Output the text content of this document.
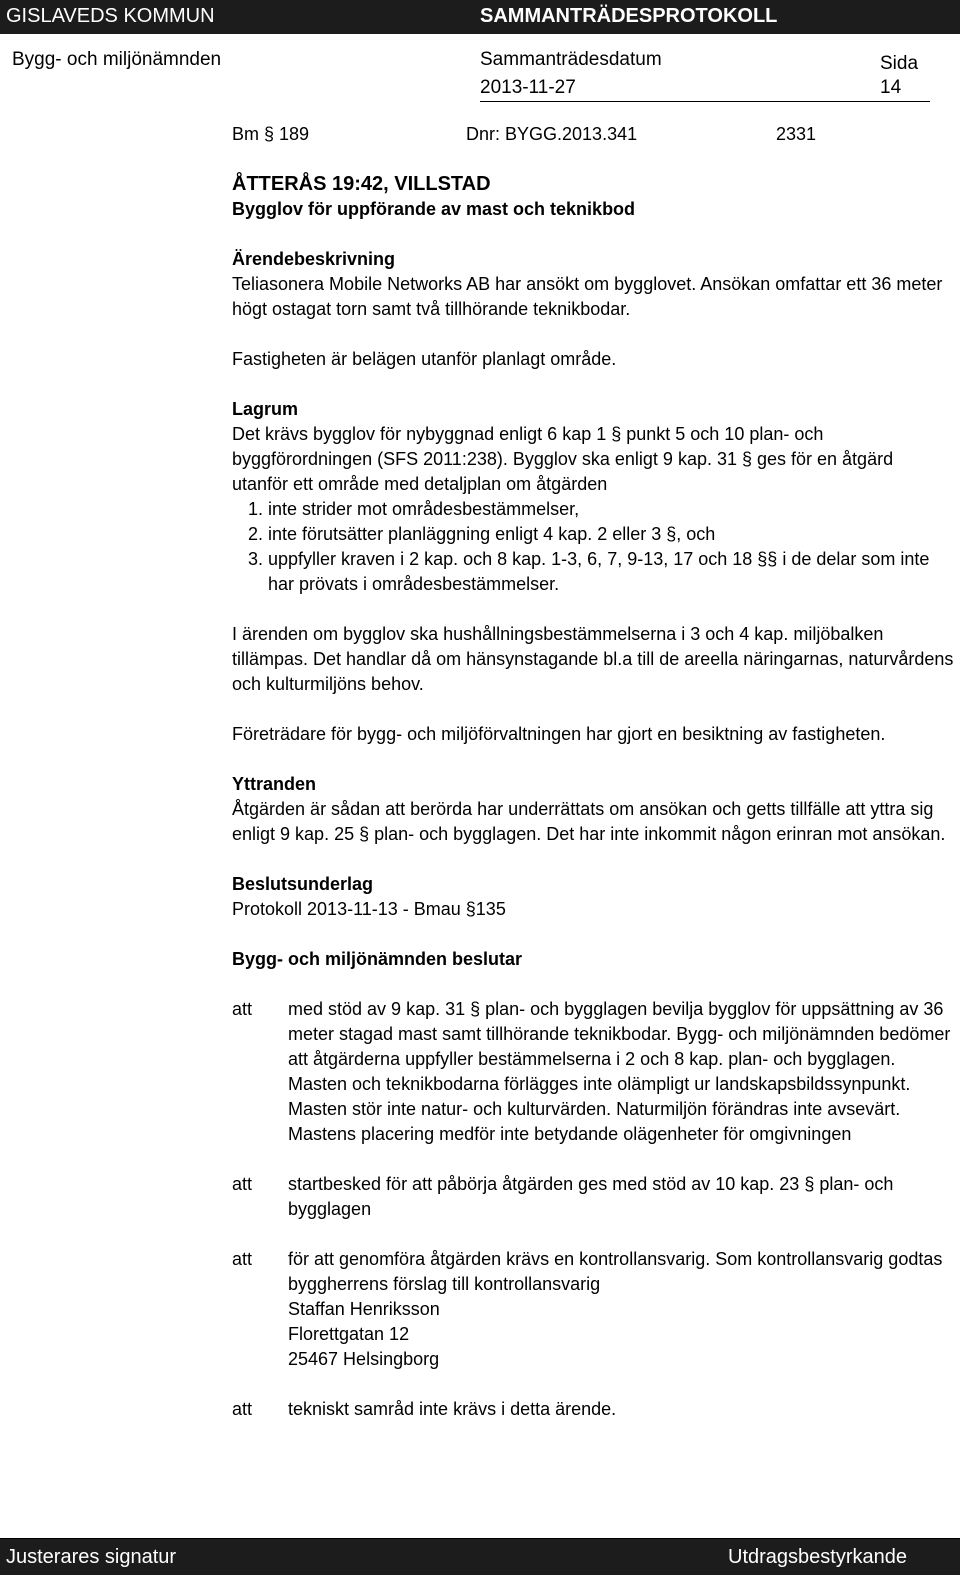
GISLAVEDS KOMMUN	SAMMANTRÄDESPROTOKOLL
Bygg- och miljönämnden	Sammanträdesdatum	Sida
2013-11-27	14
Bm § 189	Dnr: BYGG.2013.341	2331

ÅTTERÅS 19:42, VILLSTAD

Bygglov för uppförande av mast och teknikbod

Ärendebeskrivning

Teliasonera Mobile Networks AB har ansökt om bygglovet. Ansökan omfattar ett 36 meter högt ostagat torn samt två tillhörande teknikbodar.

Fastigheten är belägen utanför planlagt område.

Lagrum

Det krävs bygglov för nybyggnad enligt 6 kap 1 § punkt 5 och 10 plan- och byggförordningen (SFS 2011:238). Bygglov ska enligt 9 kap. 31 § ges för en åtgärd utanför ett område med detaljplan om åtgärden

1. inte strider mot områdesbestämmelser,
2. inte förutsätter planläggning enligt 4 kap. 2 eller 3 §, och
3. uppfyller kraven i 2 kap. och 8 kap. 1-3, 6, 7, 9-13, 17 och 18 §§ i de delar som inte har prövats i områdesbestämmelser.

I ärenden om bygglov ska hushållningsbestämmelserna i 3 och 4 kap. miljöbalken tillämpas. Det handlar då om hänsynstagande bl.a till de areella näringarnas, naturvårdens och kulturmiljöns behov.

Företrädare för bygg- och miljöförvaltningen har gjort en besiktning av fastigheten.

Yttranden

Åtgärden är sådan att berörda har underrättats om ansökan och getts tillfälle att yttra sig enligt 9 kap. 25 § plan- och bygglagen. Det har inte inkommit någon erinran mot ansökan.

Beslutsunderlag

Protokoll 2013-11-13 - Bmau §135

Bygg- och miljönämnden beslutar

att	med stöd av 9 kap. 31 § plan- och bygglagen bevilja bygglov för uppsättning av 36 meter stagad mast samt tillhörande teknikbodar. Bygg- och miljönämnden bedömer att åtgärderna uppfyller bestämmelserna i 2 och 8 kap. plan- och bygglagen. Masten och teknikbodarna förlägges inte olämpligt ur landskapsbildssynpunkt. Masten stör inte natur- och kulturvärden. Naturmiljön förändras inte avsevärt. Mastens placering medför inte betydande olägenheter för omgivningen

att	startbesked för att påbörja åtgärden ges med stöd av 10 kap. 23 § plan- och bygglagen

att	för att genomföra åtgärden krävs en kontrollansvarig. Som kontrollansvarig godtas byggherrens förslag till kontrollansvarig

Staffan Henriksson

Florettgatan 12

25467 Helsingborg

att	tekniskt samråd inte krävs i detta ärende.

Justerares signatur	Utdragsbestyrkande
